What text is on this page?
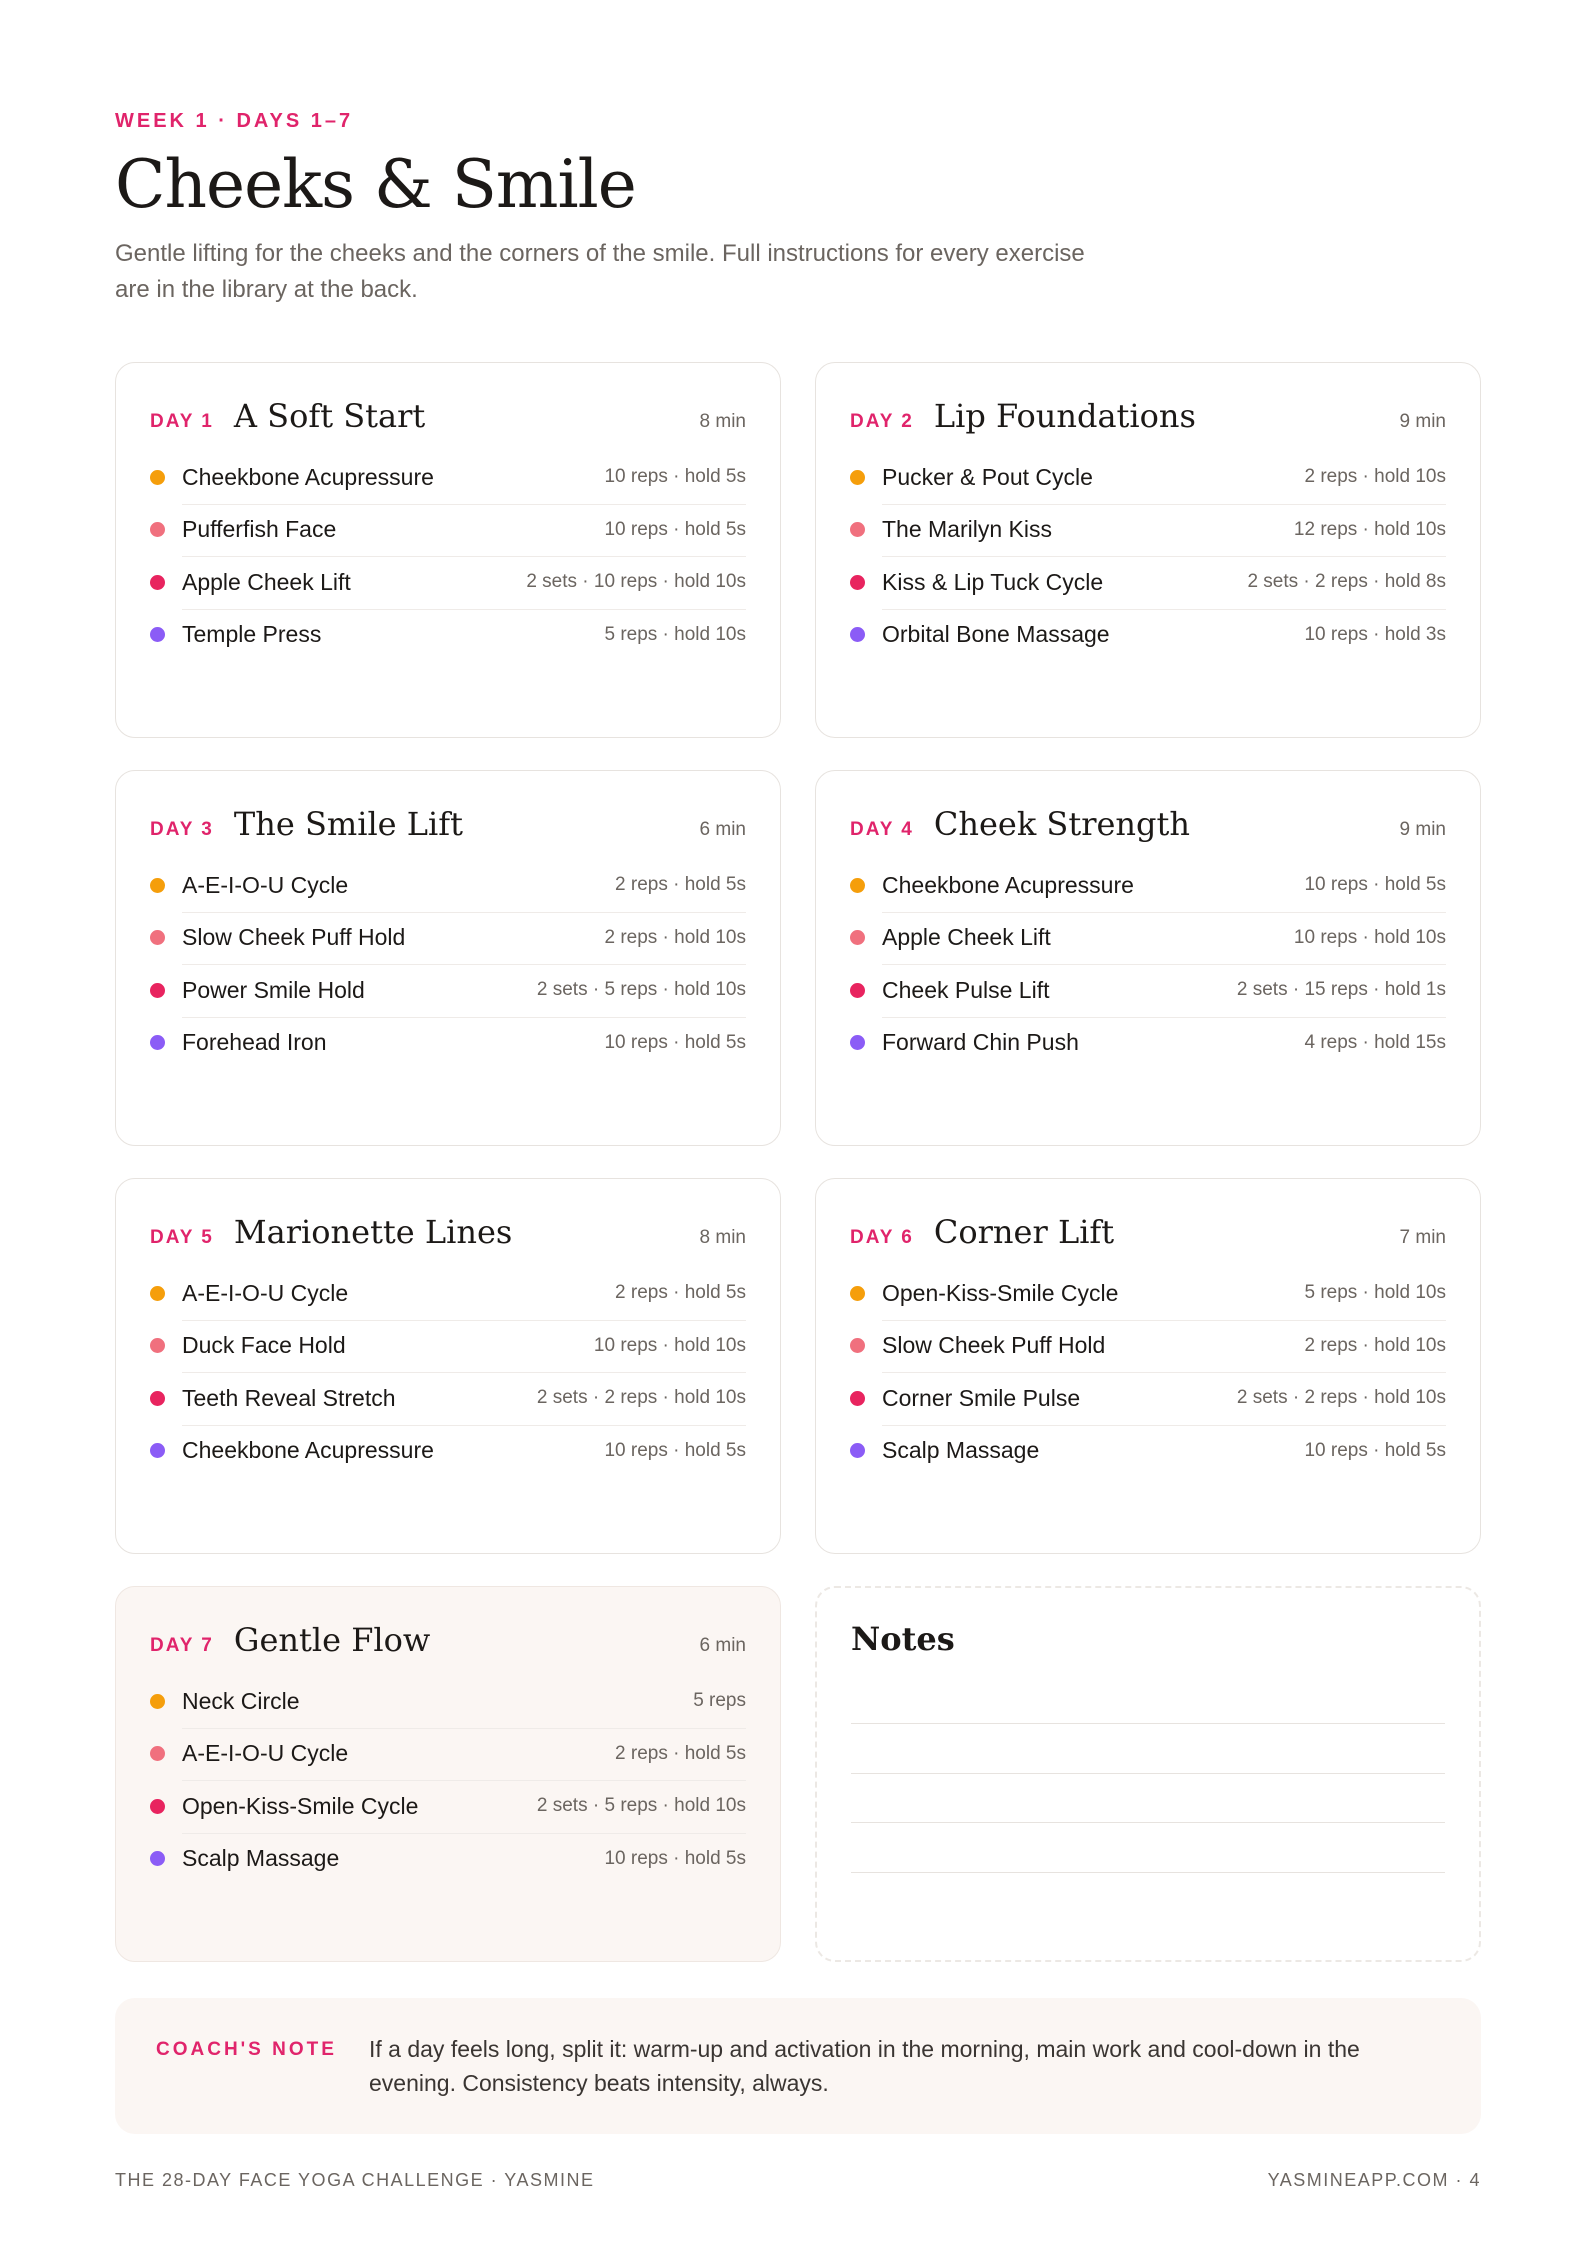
WEEK 1 · DAYS 1–7
Cheeks & Smile

Gentle lifting for the cheeks and the corners of the smile. Full instructions for every exercise are in the library at the back.

DAY 1 A Soft Start	8 min
Cheekbone Acupressure	10 reps · hold 5s
Pufferfish Face	10 reps · hold 5s
Apple Cheek Lift	2 sets · 10 reps · hold 10s
Temple Press	5 reps · hold 10s
DAY 2 Lip Foundations	9 min
Pucker & Pout Cycle	2 reps · hold 10s
The Marilyn Kiss	12 reps · hold 10s
Kiss & Lip Tuck Cycle	2 sets · 2 reps · hold 8s
Orbital Bone Massage	10 reps · hold 3s
DAY 3 The Smile Lift	6 min
A-E-I-O-U Cycle	2 reps · hold 5s
Slow Cheek Puff Hold	2 reps · hold 10s
Power Smile Hold	2 sets · 5 reps · hold 10s
Forehead Iron	10 reps · hold 5s
DAY 4 Cheek Strength	9 min
Cheekbone Acupressure	10 reps · hold 5s
Apple Cheek Lift	10 reps · hold 10s
Cheek Pulse Lift	2 sets · 15 reps · hold 1s
Forward Chin Push	4 reps · hold 15s
DAY 5 Marionette Lines	8 min
A-E-I-O-U Cycle	2 reps · hold 5s
Duck Face Hold	10 reps · hold 10s
Teeth Reveal Stretch	2 sets · 2 reps · hold 10s
Cheekbone Acupressure	10 reps · hold 5s
DAY 6 Corner Lift	7 min
Open-Kiss-Smile Cycle	5 reps · hold 10s
Slow Cheek Puff Hold	2 reps · hold 10s
Corner Smile Pulse	2 sets · 2 reps · hold 10s
Scalp Massage	10 reps · hold 5s
DAY 7 Gentle Flow	6 min
Neck Circle	5 reps
A-E-I-O-U Cycle	2 reps · hold 5s
Open-Kiss-Smile Cycle	2 sets · 5 reps · hold 10s
Scalp Massage	10 reps · hold 5s
Notes
COACH'S NOTE If a day feels long, split it: warm-up and activation in the morning, main work and cool-down in the evening. Consistency beats intensity, always.

THE 28-DAY FACE YOGA CHALLENGE · YASMINE	YASMINEAPP.COM · 4
